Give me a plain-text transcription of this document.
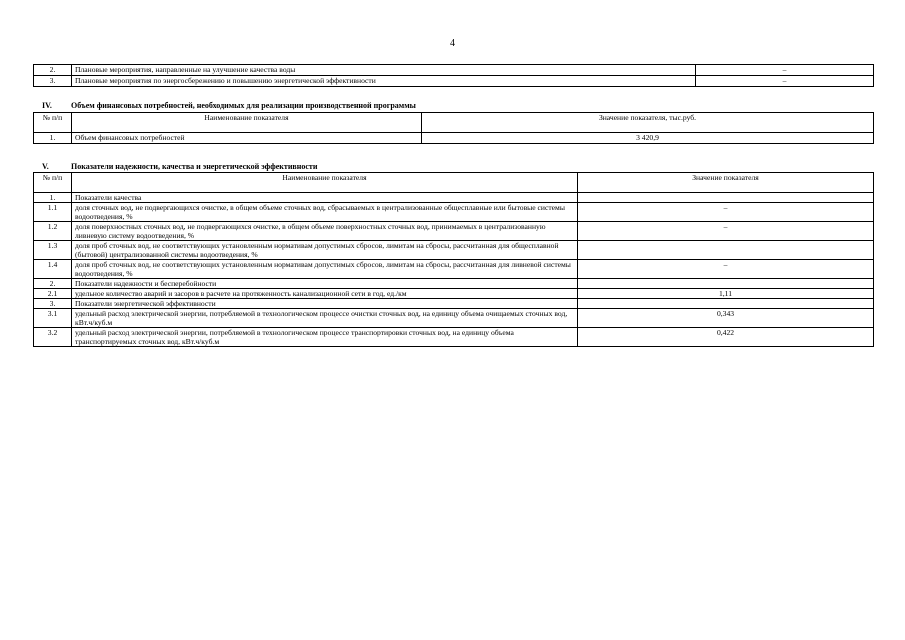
4
2.	Плановые мероприятия, направленные на улучшение качества воды	–
3.	Плановые мероприятия по энергосбережению и повышению энергетической эффективности	–
IV. Объем финансовых потребностей, необходимых для реализации производственной программы
№ п/п	Наименование показателя	Значение показателя, тыс.руб.
1.	Объем финансовых потребностей	3 420,9
V.	Показатели надежности, качества и энергетической эффективности
№ п/п	Наименование показателя	Значение показателя
1.	Показатели качества	
1.1	доля сточных вод, не подвергающихся очистке, в общем объеме сточных вод, сбрасываемых в централизованные общесплавные или бытовые системы водоотведения, %	–
1.2	доля поверхностных сточных вод, не подвергающихся очистке, в общем объеме поверхностных сточных вод, принимаемых в централизованную ливневую систему водоотведения, %	–
1.3	доля проб сточных вод, не соответствующих установленным нормативам допустимых сбросов, лимитам на сбросы, рассчитанная для общесплавной (бытовой) централизованной системы водоотведения, %	
1.4	доля проб сточных вод, не соответствующих установленным нормативам допустимых сбросов, лимитам на сбросы, рассчитанная для ливневой системы водоотведения, %	–
2.	Показатели надежности и бесперебойности	
2.1	удельное количество аварий и засоров в расчете на протяженность канализационной сети в год, ед./км	1,11
3.	Показатели энергетической эффективности	
3.1	удельный расход электрической энергии, потребляемой в технологическом процессе очистки сточных вод, на единицу объема очищаемых сточных вод, кВт.ч/куб.м	0,343
3.2	удельный расход электрической энергии, потребляемой в технологическом процессе транспортировки сточных вод, на единицу объема транспортируемых сточных вод, кВт.ч/куб.м	0,422
